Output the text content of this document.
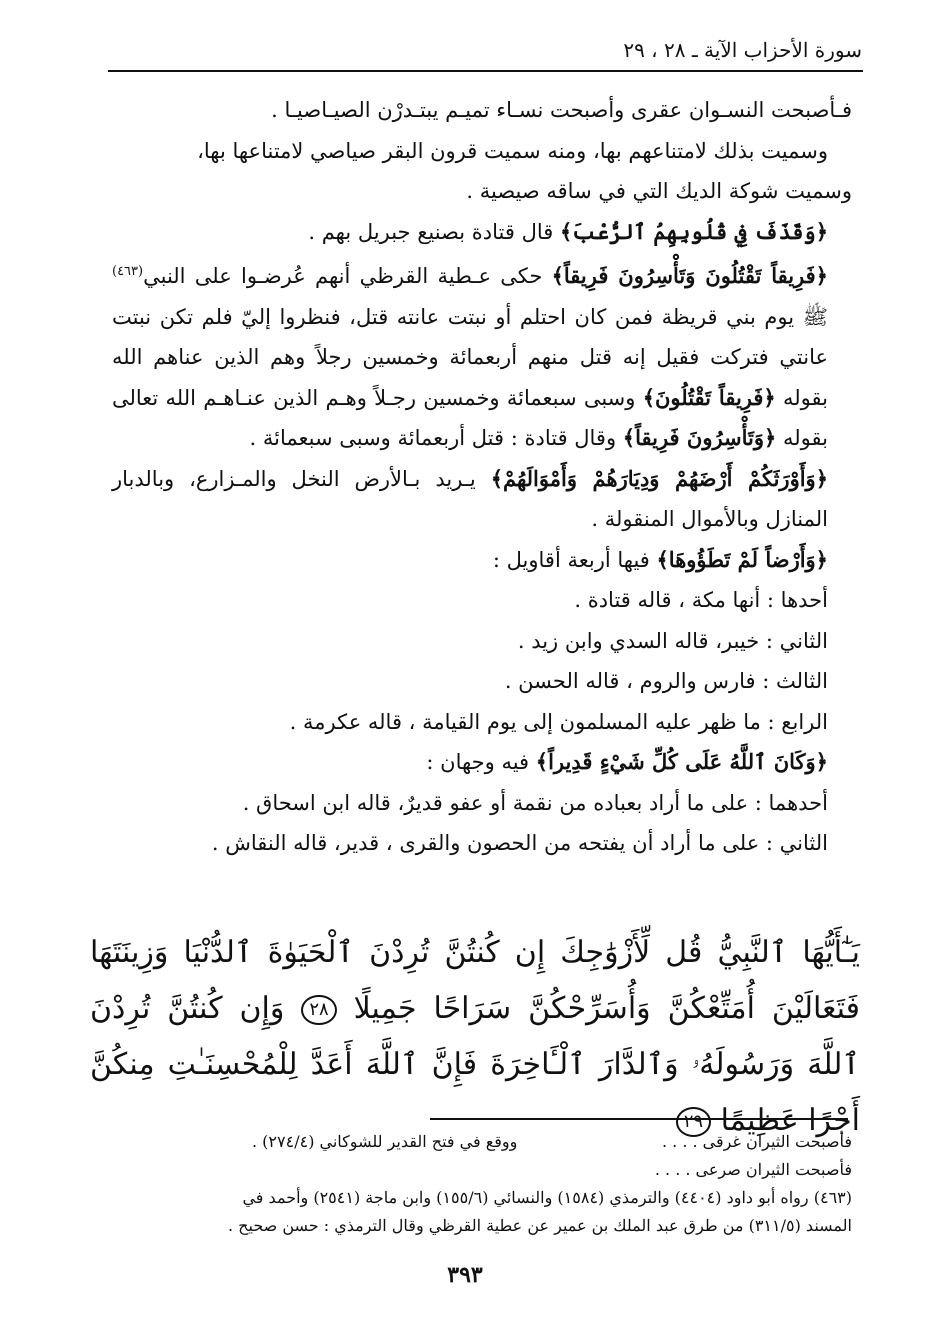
سورة الأحزاب الآية ـ ٢٨ ، ٢٩

فـأصبحت النسـوان عقرى وأصبحت نسـاء تميـم يبتـدرْن الصيـاصيـا .

وسميت بذلك لامتناعهم بها، ومنه سميت قرون البقر صياصي لامتناعها بها،

وسميت شوكة الديك التي في ساقه صيصية .

﴿وَقَذَفَ فِي قُلُوبِهِمُ ٱلرُّعْبَ﴾ قال قتادة بصنيع جبريل بهم .

﴿فَرِيقاً تَقْتُلُونَ وَتَأْسِرُونَ فَرِيقاً﴾ حكى عـطية القرظي أنهم عُرضـوا على النبي$^{(٤٦٣)}$ ﷺ يوم بني قريظة فمن كان احتلم أو نبتت عانته قتل، فنظروا إليّ فلم تكن نبتت عانتي فتركت فقيل إنه قتل منهم أربعمائة وخمسين رجلاً وهم الذين عناهم الله بقوله ﴿فَرِيقاً تَقْتُلُونَ﴾ وسبى سبعمائة وخمسين رجـلاً وهـم الذين عنـاهـم الله تعالى بقوله ﴿وَتَأْسِرُونَ فَرِيقاً﴾ وقال قتادة : قتل أربعمائة وسبى سبعمائة .

﴿وَأَوْرَثَكُمْ أَرْضَهُمْ وَدِيَارَهُمْ وَأَمْوَالَهُمْ﴾ يـريد بـالأرض النخل والمـزارع، وبالدبار المنازل وبالأموال المنقولة .

﴿وَأَرْضاً لَمْ تَطَؤُوهَا﴾ فيها أربعة أقاويل :

أحدها : أنها مكة ، قاله قتادة .

الثاني : خيبر، قاله السدي وابن زيد .

الثالث : فارس والروم ، قاله الحسن .

الرابع : ما ظهر عليه المسلمون إلى يوم القيامة ، قاله عكرمة .

﴿وَكَانَ ٱللَّهُ عَلَى كُلِّ شَيْءٍ قَدِيراً﴾ فيه وجهان :

أحدهما : على ما أراد بعباده من نقمة أو عفو قديرٌ، قاله ابن اسحاق .

الثاني : على ما أراد أن يفتحه من الحصون والقرى ، قدير، قاله النقاش .

يَـٰٓأَيُّهَا ٱلنَّبِيُّ قُل لِّأَزْوَٰجِكَ إِن كُنتُنَّ تُرِدْنَ ٱلْحَيَوٰةَ ٱلدُّنْيَا وَزِينَتَهَا فَتَعَالَيْنَ أُمَتِّعْكُنَّ وَأُسَرِّحْكُنَّ سَرَاحًا جَمِيلًا ٢٨ وَإِن كُنتُنَّ تُرِدْنَ ٱللَّهَ وَرَسُولَهُۥ وَٱلدَّارَ ٱلْـَٔاخِرَةَ فَإِنَّ ٱللَّهَ أَعَدَّ لِلْمُحْسِنَـٰتِ مِنكُنَّ أَجْرًا عَظِيمًا ٢٩

فأصبحت الثيران غرقى . . . .
ووقع في فتح القدير للشوكاني (٢٧٤/٤) .

فأصبحت الثيران صرعى . . . .

(٤٦٣) رواه أبو داود (٤٤٠٤) والترمذي (١٥٨٤) والنسائي (١٥٥/٦) وابن ماجة (٢٥٤١) وأحمد في

المسند (٣١١/٥) من طرق عبد الملك بن عمير عن عطية القرظي وقال الترمذي : حسن صحيح .

٣٩٣
